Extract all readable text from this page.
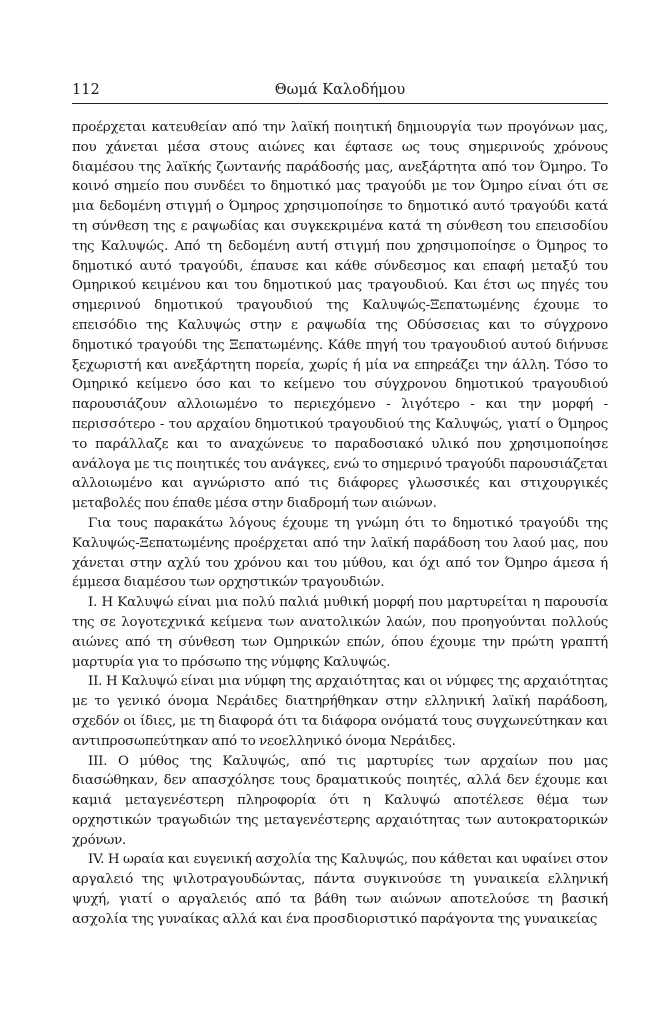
112	Θωμά Καλοδήμου

προέρχεται κατευθείαν από την λαϊκή ποιητική δημιουργία των προγόνων μας, που χάνεται μέσα στους αιώνες και έφτασε ως τους σημερινούς χρόνους διαμέσου της λαϊκής ζωντανής παράδοσής μας, ανεξάρτητα από τον Όμηρο. Το κοινό σημείο που συνδέει το δημοτικό μας τραγούδι με τον Όμηρο είναι ότι σε μια δεδομένη στιγμή ο Όμηρος χρησιμοποίησε το δημοτικό αυτό τραγούδι κατά τη σύνθεση της ε ραψωδίας και συγκεκριμένα κατά τη σύνθεση του επεισοδίου της Καλυψώς. Από τη δεδομένη αυτή στιγμή που χρησιμοποίησε ο Όμηρος το δημοτικό αυτό τραγούδι, έπαυσε και κάθε σύνδεσμος και επαφή μεταξύ του Ομηρικού κειμένου και του δημοτικού μας τραγουδιού. Και έτσι ως πηγές του σημερινού δημοτικού τραγουδιού της Καλυψώς-Ξεπατωμένης έχουμε το επεισόδιο της Καλυψώς στην ε ραψωδία της Οδύσσειας και το σύγχρονο δημοτικό τραγούδι της Ξεπατωμένης. Κάθε πηγή του τραγουδιού αυτού διήνυσε ξεχωριστή και ανεξάρτητη πορεία, χωρίς ή μία να επηρεάζει την άλλη. Τόσο το Ομηρικό κείμενο όσο και το κείμενο του σύγχρονου δημοτικού τραγουδιού παρουσιάζουν αλλοιωμένο το περιεχόμενο - λιγότερο - και την μορφή - περισσότερο - του αρχαίου δημοτικού τραγουδιού της Καλυψώς, γιατί ο Όμηρος το παράλλαζε και το αναχώνευε το παραδοσιακό υλικό που χρησιμοποίησε ανάλογα με τις ποιητικές του ανάγκες, ενώ το σημερινό τραγούδι παρουσιάζεται αλλοιωμένο και αγνώριστο από τις διάφορες γλωσσικές και στιχουργικές μεταβολές που έπαθε μέσα στην διαδρομή των αιώνων.

Για τους παρακάτω λόγους έχουμε τη γνώμη ότι το δημοτικό τραγούδι της Καλυψώς-Ξεπατωμένης προέρχεται από την λαϊκή παράδοση του λαού μας, που χάνεται στην αχλύ του χρόνου και του μύθου, και όχι από τον Όμηρο άμεσα ή έμμεσα διαμέσου των ορχηστικών τραγουδιών.

Ι. Η Καλυψώ είναι μια πολύ παλιά μυθική μορφή που μαρτυρείται η παρουσία της σε λογοτεχνικά κείμενα των ανατολικών λαών, που προηγούνται πολλούς αιώνες από τη σύνθεση των Ομηρικών επών, όπου έχουμε την πρώτη γραπτή μαρτυρία για το πρόσωπο της νύμφης Καλυψώς.

ΙΙ. Η Καλυψώ είναι μια νύμφη της αρχαιότητας και οι νύμφες της αρχαιότητας με το γενικό όνομα Νεράιδες διατηρήθηκαν στην ελληνική λαϊκή παράδοση, σχεδόν οι ίδιες, με τη διαφορά ότι τα διάφορα ονόματά τους συγχωνεύτηκαν και αντιπροσωπεύτηκαν από το νεοελληνικό όνομα Νεράιδες.

ΙΙΙ. Ο μύθος της Καλυψώς, από τις μαρτυρίες των αρχαίων που μας διασώθηκαν, δεν απασχόλησε τους δραματικούς ποιητές, αλλά δεν έχουμε και καμιά μεταγενέστερη πληροφορία ότι η Καλυψώ αποτέλεσε θέμα των ορχηστικών τραγωδιών της μεταγενέστερης αρχαιότητας των αυτοκρατορικών χρόνων.

IV. Η ωραία και ευγενική ασχολία της Καλυψώς, που κάθεται και υφαίνει στον αργαλειό της ψιλοτραγουδώντας, πάντα συγκινούσε τη γυναικεία ελληνική ψυχή, γιατί ο αργαλειός από τα βάθη των αιώνων αποτελούσε τη βασική ασχολία της γυναίκας αλλά και ένα προσδιοριστικό παράγοντα της γυναικείας
